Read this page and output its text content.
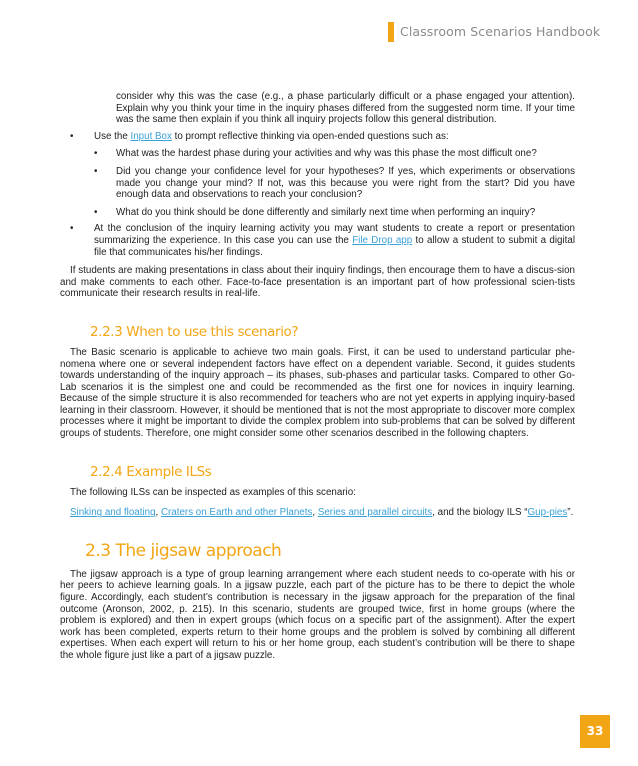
Classroom Scenarios Handbook

consider why this was the case (e.g., a phase particularly difficult or a phase engaged your attention). Explain why you think your time in the inquiry phases differed from the suggested norm time. If your time was the same then explain if you think all inquiry projects follow this general distribution.

• Use the Input Box to prompt reflective thinking via open-ended questions such as:
• What was the hardest phase during your activities and why was this phase the most difficult one?
• Did you change your confidence level for your hypotheses? If yes, which experiments or observations made you change your mind? If not, was this because you were right from the start? Did you have enough data and observations to reach your conclusion?
• What do you think should be done differently and similarly next time when performing an inquiry?
• At the conclusion of the inquiry learning activity you may want students to create a report or presentation summarizing the experience. In this case you can use the File Drop app to allow a student to submit a digital file that communicates his/her findings.

If students are making presentations in class about their inquiry findings, then encourage them to have a discus-sion and make comments to each other. Face-to-face presentation is an important part of how professional scien-tists communicate their research results in real-life.

2.2.3 When to use this scenario?

The Basic scenario is applicable to achieve two main goals. First, it can be used to understand particular phe-nomena where one or several independent factors have effect on a dependent variable. Second, it guides students towards understanding of the inquiry approach – its phases, sub-phases and particular tasks. Compared to other Go-Lab scenarios it is the simplest one and could be recommended as the first one for novices in inquiry learning. Because of the simple structure it is also recommended for teachers who are not yet experts in applying inquiry-based learning in their classroom. However, it should be mentioned that is not the most appropriate to discover more complex processes where it might be important to divide the complex problem into sub-problems that can be solved by different groups of students. Therefore, one might consider some other scenarios described in the following chapters.

2.2.4 Example ILSs

The following ILSs can be inspected as examples of this scenario:

Sinking and floating, Craters on Earth and other Planets, Series and parallel circuits, and the biology ILS “Gup-pies”.

2.3 The jigsaw approach

The jigsaw approach is a type of group learning arrangement where each student needs to co-operate with his or her peers to achieve learning goals. In a jigsaw puzzle, each part of the picture has to be there to depict the whole figure. Accordingly, each student’s contribution is necessary in the jigsaw approach for the preparation of the final outcome (Aronson, 2002, p. 215). In this scenario, students are grouped twice, first in home groups (where the problem is explored) and then in expert groups (which focus on a specific part of the assignment). After the expert work has been completed, experts return to their home groups and the problem is solved by combining all different expertises. When each expert will return to his or her home group, each student’s contribution will be there to shape the whole figure just like a part of a jigsaw puzzle.

33
